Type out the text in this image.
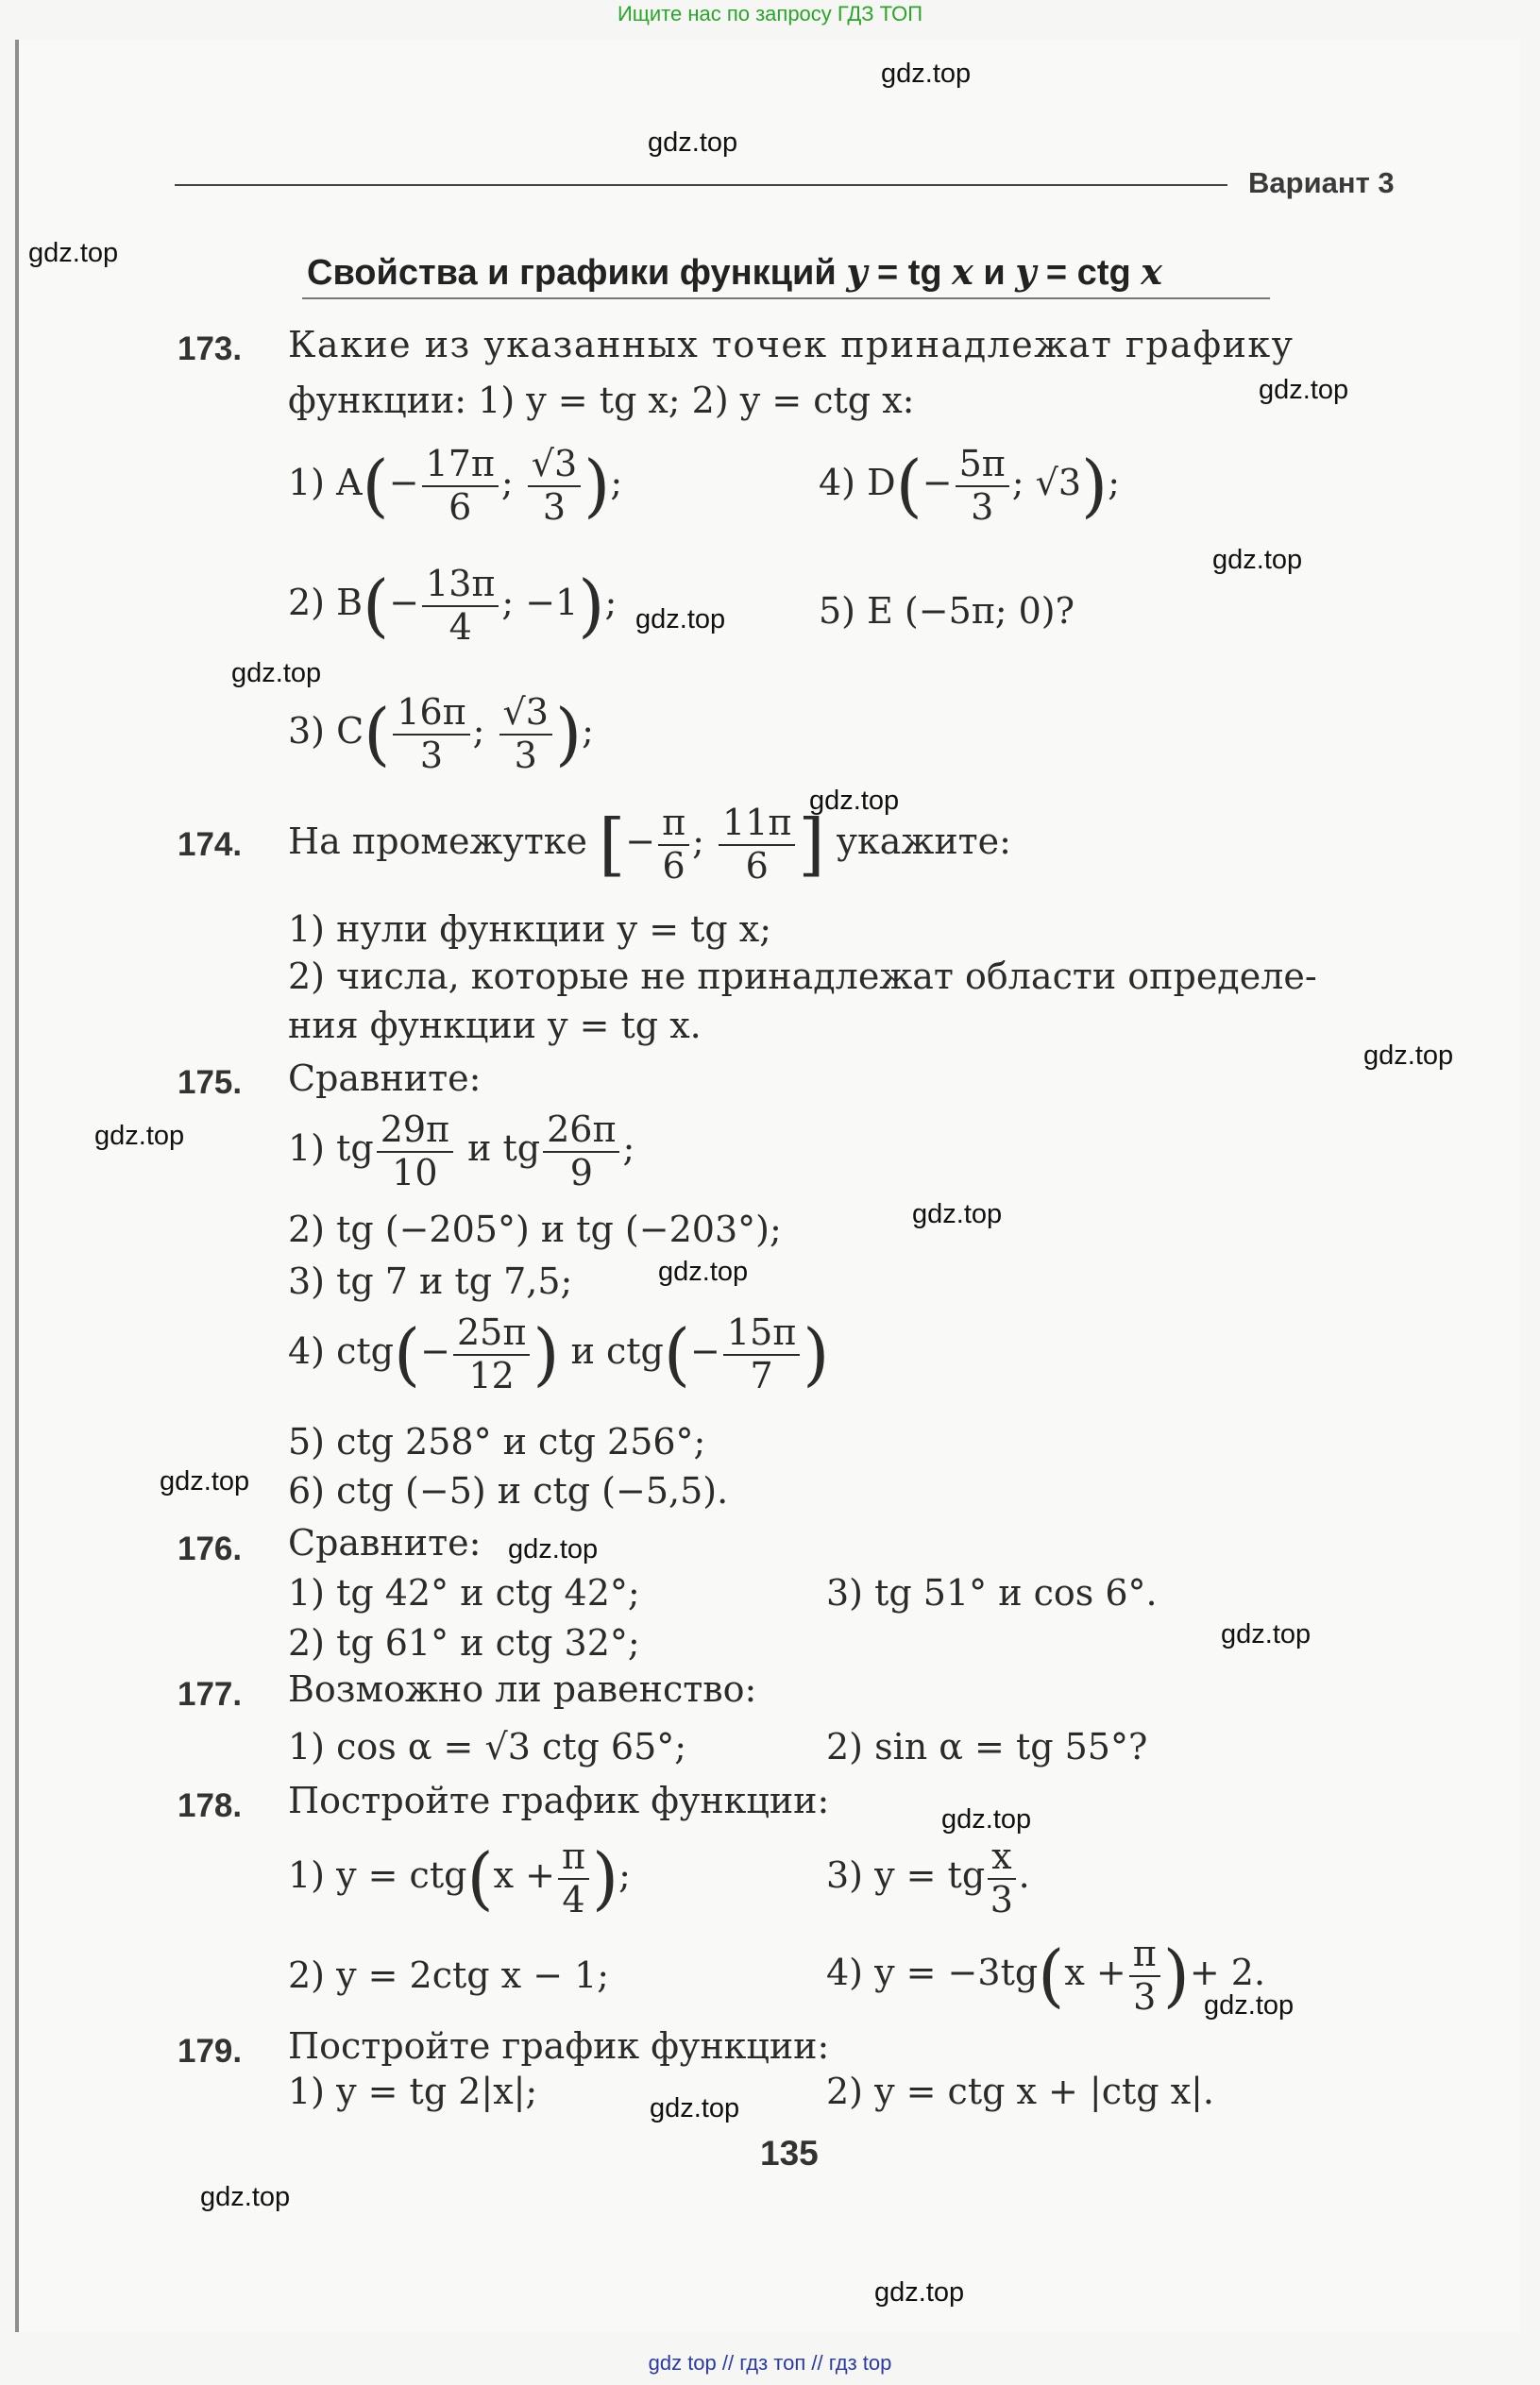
Ищите нас по запросу ГДЗ ТОП
gdz.top
gdz.top
gdz.top
gdz.top
gdz.top
gdz.top
gdz.top
gdz.top
gdz.top
gdz.top
gdz.top
gdz.top
gdz.top
gdz.top
gdz.top
gdz.top
gdz.top
gdz.top
gdz.top
gdz.top
Вариант 3
Свойства и графики функций y = tg x и y = ctg x
173. Какие из указанных точек принадлежат графику
функции: 1) y = tg x; 2) y = ctg x:
1) $A(- \frac{17\pi}{6}$ ; $\frac{√3}{3}$ );	4) $D(- \frac{5\pi}{3}$ ; √3);
2) $B(- \frac{13\pi}{4}$ ; −1);	5) E (−5π; 0)?
3) $C( \frac{16\pi}{3}$ ; $\frac{√3}{3}$ );
174. На промежутке [− $\frac{\pi}{6}$ ; $\frac{11\pi}{6}$ ] укажите:
1) нули функции y = tg x;
2) числа, которые не принадлежат области определе-
ния функции y = tg x.
175. Сравните:
1) tg $\frac{29\pi}{10}$ и tg $\frac{26\pi}{9}$ ;
2) tg (−205°) и tg (−203°);
3) tg 7 и tg 7,5;
4) $ctg(- \frac{25\pi}{12}$ ) и $ctg(- \frac{15\pi}{7}$ )
5) ctg 258° и ctg 256°;
6) ctg (−5) и ctg (−5,5).
176. Сравните:
1) tg 42° и ctg 42°;	3) tg 51° и cos 6°.
2) tg 61° и ctg 32°;
177. Возможно ли равенство:
1) cos α = √3 ctg 65°;	2) sin α = tg 55°?
178. Постройте график функции:
1) $y = ctg(x + \frac{\pi}{4}$ );	3) y = tg $\frac{x}{3}$ .
2) y = 2ctg x − 1;	4) $y = -3tg(x + \frac{\pi}{3}$ )+ 2.
179. Постройте график функции:
1) y = tg 2|x|;	2) y = ctg x + |ctg x|.
135
gdz top // гдз топ // гдз top
